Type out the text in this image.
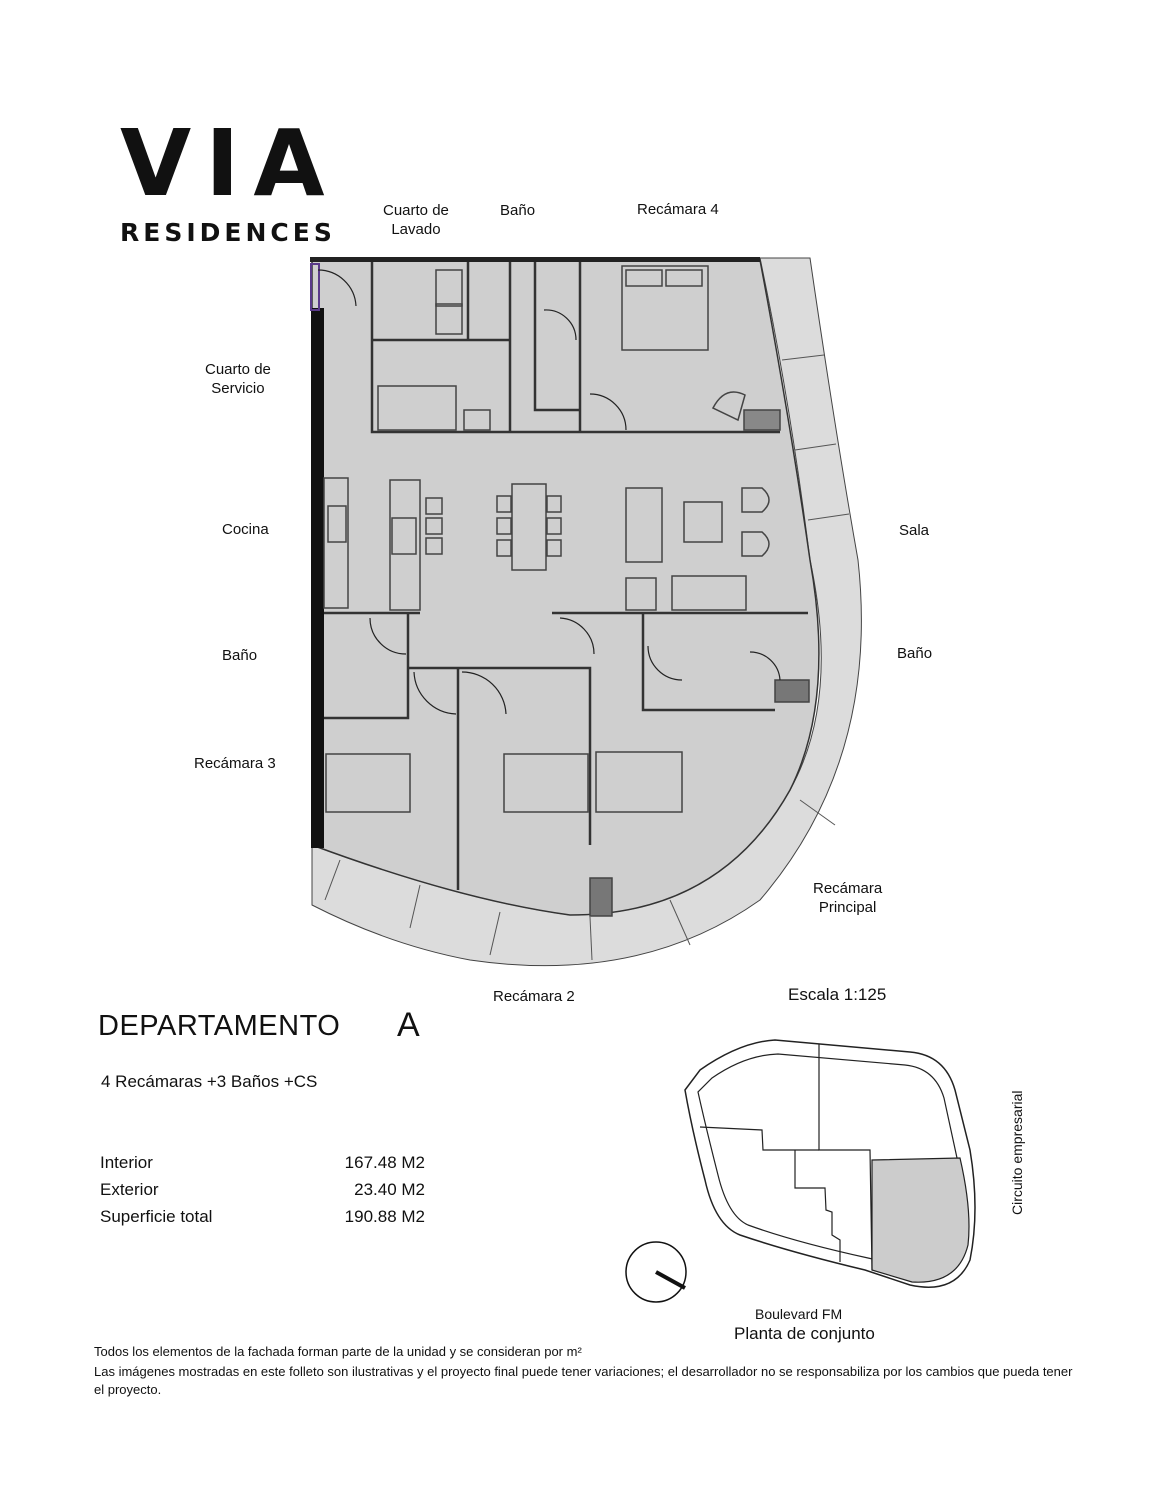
VIA
RESIDENCES
Cuarto de
Lavado
Baño	Recámara 4
Cuarto de
Servicio
Cocina	Sala
Baño	Baño
Recámara 3
Recámara
Principal
Recámara 2
DEPARTAMENTO A
4 Recámaras +3 Baños +CS
Interior	167.48 M2
Exterior	23.40 M2
Superficie total	190.88 M2
Escala 1:125
Circuito empresarial
Boulevard FM
Planta de conjunto
Todos los elementos de la fachada forman parte de la unidad y se consideran por m²
Las imágenes mostradas en este folleto son ilustrativas y el proyecto final puede tener variaciones; el desarrollador no se responsabiliza por los cambios que pueda tener el proyecto.
